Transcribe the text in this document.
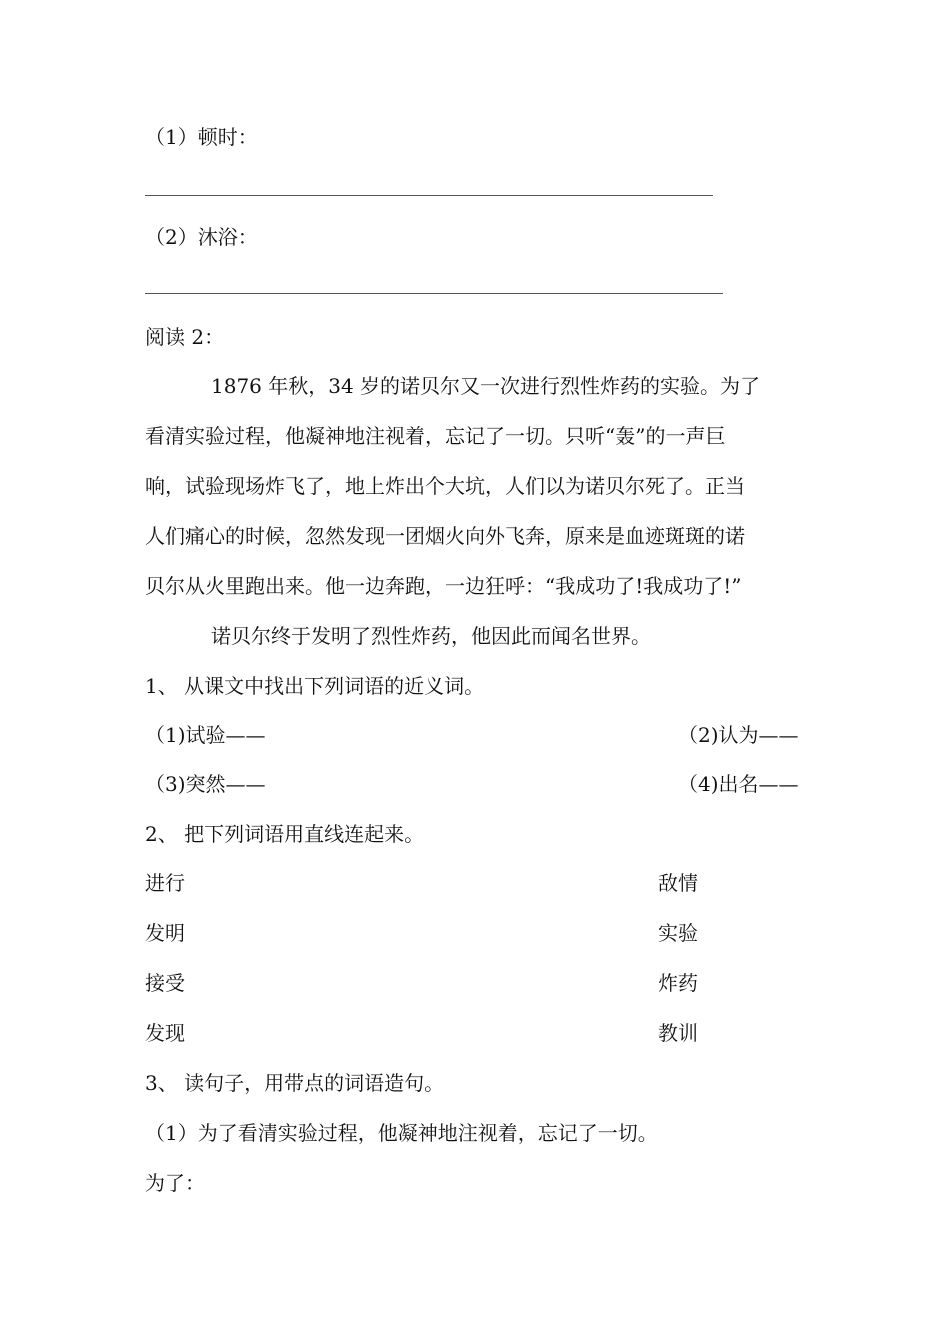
（1）顿时：
（2）沐浴：
阅读 2：
1876 年秋，34 岁的诺贝尔又一次进行烈性炸药的实验。为了
看清实验过程，他凝神地注视着，忘记了一切。只听“轰”的一声巨
响，试验现场炸飞了，地上炸出个大坑，人们以为诺贝尔死了。正当
人们痛心的时候，忽然发现一团烟火向外飞奔，原来是血迹斑斑的诺
贝尔从火里跑出来。他一边奔跑，一边狂呼：“我成功了!我成功了!”
诺贝尔终于发明了烈性炸药，他因此而闻名世界。
1、 从课文中找出下列词语的近义词。
（1)试验——	（2)认为——
（3)突然——	（4)出名——
2、 把下列词语用直线连起来。
进行	敌情
发明	实验
接受	炸药
发现	教训
3、 读句子，用带点的词语造句。
（1）为了看清实验过程，他凝神地注视着，忘记了一切。
为了：
